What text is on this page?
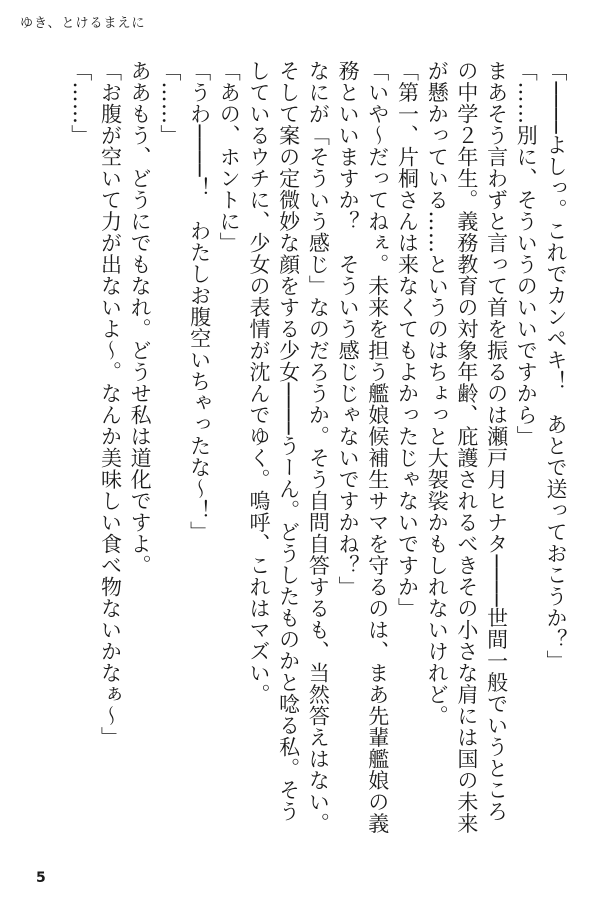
ゆき、とけるまえに

「────よしっ。これでカンペキ！　あとで送っておこうか？」

「……別に、そういうのいいですから」

まあそう言わずと言って首を振るのは瀬戸月ヒナタ────世間一般でいうところの中学２年生。義務教育の対象年齢、庇護されるべきその小さな肩には国の未来が懸かっている……というのはちょっと大袈裟かもしれないけれど。

「第一、片桐さんは来なくてもよかったじゃないですか」

「いや〜だってねぇ。未来を担う艦娘候補生サマを守るのは、まあ先輩艦娘の義務といいますか？　そういう感じじゃないですかね？」

なにが「そういう感じ」なのだろうか。そう自問自答するも、当然答えはない。そして案の定微妙な顔をする少女────うーん。どうしたものかと唸る私。そうしているウチに、少女の表情が沈んでゆく。嗚呼、これはマズい。

「あの、ホントに」

「うわ────！　わたしお腹空いちゃったな〜！」

「……」

ああもう、どうにでもなれ。どうせ私は道化ですよ。

「お腹が空いて力が出ないよ〜。なんか美味しい食べ物ないかなぁ〜」

「……」

5
